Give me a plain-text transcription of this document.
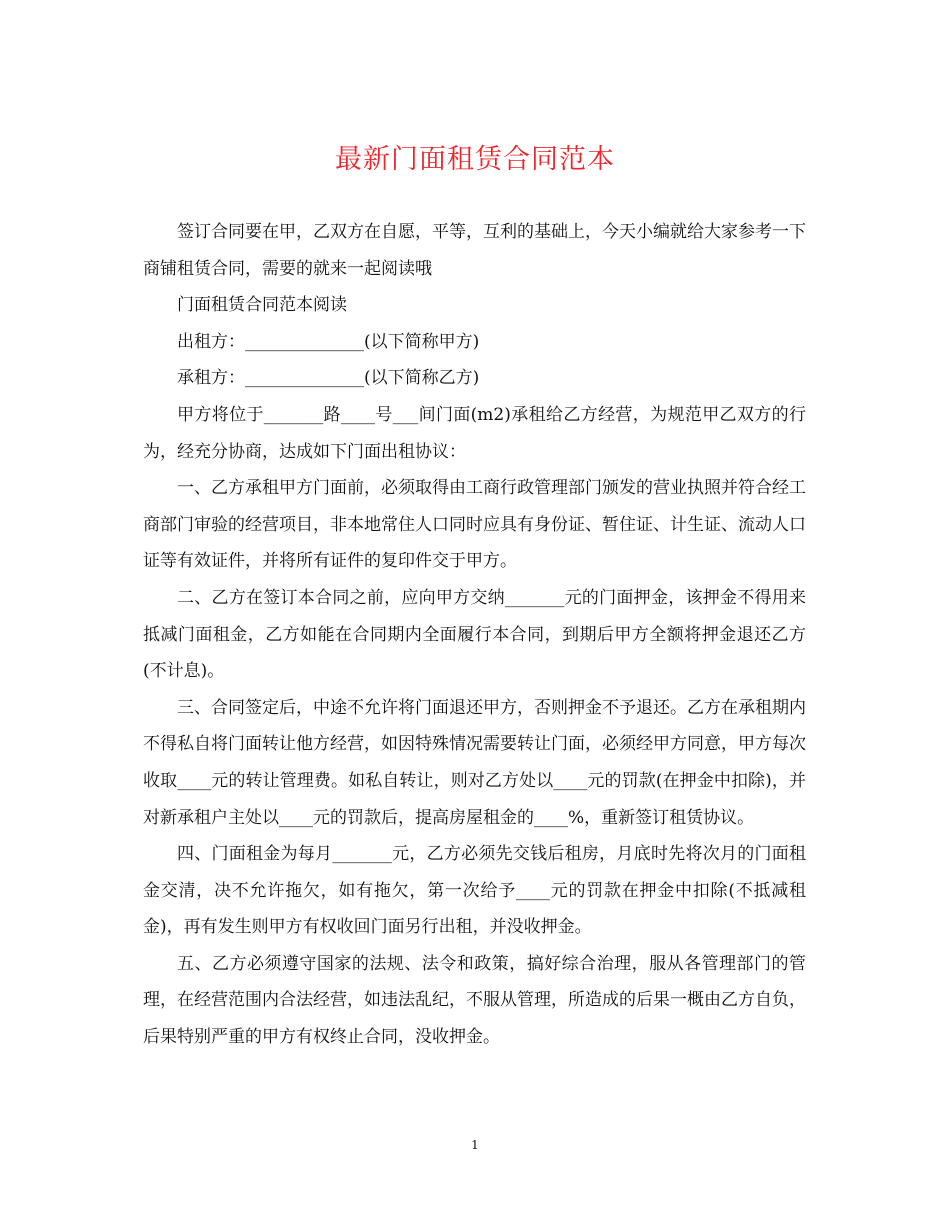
最新门面租赁合同范本

签订合同要在甲，乙双方在自愿，平等，互利的基础上，今天小编就给大家参考一下商铺租赁合同，需要的就来一起阅读哦

门面租赁合同范本阅读

出租方：______________(以下简称甲方)

承租方：______________(以下简称乙方)

甲方将位于_______路____号___间门面(m2)承租给乙方经营，为规范甲乙双方的行为，经充分协商，达成如下门面出租协议：

一、乙方承租甲方门面前，必须取得由工商行政管理部门颁发的营业执照并符合经工商部门审验的经营项目，非本地常住人口同时应具有身份证、暂住证、计生证、流动人口证等有效证件，并将所有证件的复印件交于甲方。

二、乙方在签订本合同之前，应向甲方交纳_______元的门面押金，该押金不得用来抵减门面租金，乙方如能在合同期内全面履行本合同，到期后甲方全额将押金退还乙方(不计息)。

三、合同签定后，中途不允许将门面退还甲方，否则押金不予退还。乙方在承租期内不得私自将门面转让他方经营，如因特殊情况需要转让门面，必须经甲方同意，甲方每次收取____元的转让管理费。如私自转让，则对乙方处以____元的罚款(在押金中扣除)，并对新承租户主处以____元的罚款后，提高房屋租金的____%，重新签订租赁协议。

四、门面租金为每月_______元，乙方必须先交钱后租房，月底时先将次月的门面租金交清，决不允许拖欠，如有拖欠，第一次给予____元的罚款在押金中扣除(不抵减租金)，再有发生则甲方有权收回门面另行出租，并没收押金。

五、乙方必须遵守国家的法规、法令和政策，搞好综合治理，服从各管理部门的管理，在经营范围内合法经营，如违法乱纪，不服从管理，所造成的后果一概由乙方自负，后果特别严重的甲方有权终止合同，没收押金。

1
